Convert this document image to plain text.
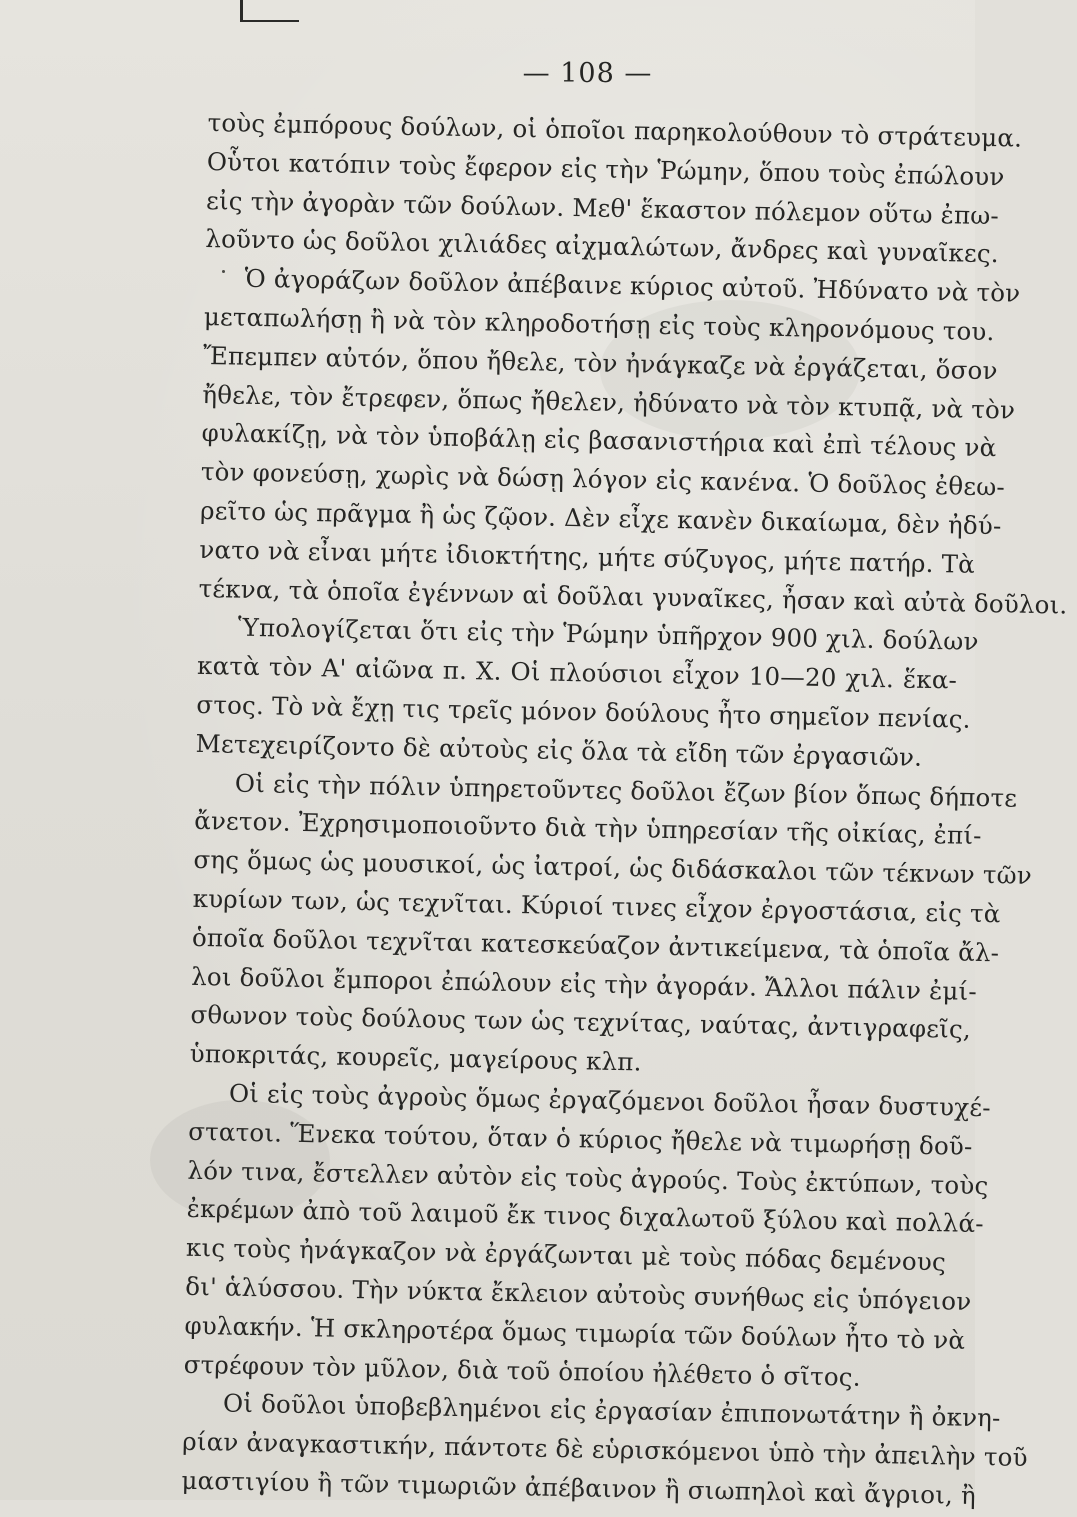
— 108 —
τοὺς ἐμπόρους δούλων, οἱ ὁποῖοι παρηκολούθουν τὸ στράτευμα.
Οὗτοι κατόπιν τοὺς ἔφερον εἰς τὴν Ῥώμην, ὅπου τοὺς ἐπώλουν
εἰς τὴν ἀγορὰν τῶν δούλων. Μεθ' ἕκαστον πόλεμον οὕτω ἐπω-
λοῦντο ὡς δοῦλοι χιλιάδες αἰχμαλώτων, ἄνδρες καὶ γυναῖκες.
Ὁ ἀγοράζων δοῦλον ἀπέβαινε κύριος αὐτοῦ. Ἠδύνατο νὰ τὸν
μεταπωλήσῃ ἢ νὰ τὸν κληροδοτήσῃ εἰς τοὺς κληρονόμους του.
Ἔπεμπεν αὐτόν, ὅπου ἤθελε, τὸν ἠνάγκαζε νὰ ἐργάζεται, ὅσον
ἤθελε, τὸν ἔτρεφεν, ὅπως ἤθελεν, ἠδύνατο νὰ τὸν κτυπᾷ, νὰ τὸν
φυλακίζῃ, νὰ τὸν ὑποβάλῃ εἰς βασανιστήρια καὶ ἐπὶ τέλους νὰ
τὸν φονεύσῃ, χωρὶς νὰ δώσῃ λόγον εἰς κανένα. Ὁ δοῦλος ἐθεω-
ρεῖτο ὡς πρᾶγμα ἢ ὡς ζῷον. Δὲν εἶχε κανὲν δικαίωμα, δὲν ἠδύ-
νατο νὰ εἶναι μήτε ἰδιοκτήτης, μήτε σύζυγος, μήτε πατήρ. Τὰ
τέκνα, τὰ ὁποῖα ἐγέννων αἱ δοῦλαι γυναῖκες, ἦσαν καὶ αὐτὰ δοῦλοι.
Ὑπολογίζεται ὅτι εἰς τὴν Ῥώμην ὑπῆρχον 900 χιλ. δούλων
κατὰ τὸν Α' αἰῶνα π. Χ. Οἱ πλούσιοι εἶχον 10—20 χιλ. ἕκα-
στος. Τὸ νὰ ἔχῃ τις τρεῖς μόνον δούλους ἦτο σημεῖον πενίας.
Μετεχειρίζοντο δὲ αὐτοὺς εἰς ὅλα τὰ εἴδη τῶν ἐργασιῶν.
Οἱ εἰς τὴν πόλιν ὑπηρετοῦντες δοῦλοι ἔζων βίον ὅπως δήποτε
ἄνετον. Ἐχρησιμοποιοῦντο διὰ τὴν ὑπηρεσίαν τῆς οἰκίας, ἐπί-
σης ὅμως ὡς μουσικοί, ὡς ἰατροί, ὡς διδάσκαλοι τῶν τέκνων τῶν
κυρίων των, ὡς τεχνῖται. Κύριοί τινες εἶχον ἐργοστάσια, εἰς τὰ
ὁποῖα δοῦλοι τεχνῖται κατεσκεύαζον ἀντικείμενα, τὰ ὁποῖα ἄλ-
λοι δοῦλοι ἔμποροι ἐπώλουν εἰς τὴν ἀγοράν. Ἄλλοι πάλιν ἐμί-
σθωνον τοὺς δούλους των ὡς τεχνίτας, ναύτας, ἀντιγραφεῖς,
ὑποκριτάς, κουρεῖς, μαγείρους κλπ.
Οἱ εἰς τοὺς ἀγροὺς ὅμως ἐργαζόμενοι δοῦλοι ἦσαν δυστυχέ-
στατοι. Ἕνεκα τούτου, ὅταν ὁ κύριος ἤθελε νὰ τιμωρήσῃ δοῦ-
λόν τινα, ἔστελλεν αὐτὸν εἰς τοὺς ἀγρούς. Τοὺς ἐκτύπων, τοὺς
ἐκρέμων ἀπὸ τοῦ λαιμοῦ ἔκ τινος διχαλωτοῦ ξύλου καὶ πολλά-
κις τοὺς ἠνάγκαζον νὰ ἐργάζωνται μὲ τοὺς πόδας δεμένους
δι' ἁλύσσου. Τὴν νύκτα ἔκλειον αὐτοὺς συνήθως εἰς ὑπόγειον
φυλακήν. Ἡ σκληροτέρα ὅμως τιμωρία τῶν δούλων ἦτο τὸ νὰ
στρέφουν τὸν μῦλον, διὰ τοῦ ὁποίου ἠλέθετο ὁ σῖτος.
Οἱ δοῦλοι ὑποβεβλημένοι εἰς ἐργασίαν ἐπιπονωτάτην ἢ ὀκνη-
ρίαν ἀναγκαστικήν, πάντοτε δὲ εὑρισκόμενοι ὑπὸ τὴν ἀπειλὴν τοῦ
μαστιγίου ἢ τῶν τιμωριῶν ἀπέβαινον ἢ σιωπηλοὶ καὶ ἄγριοι, ἢ
